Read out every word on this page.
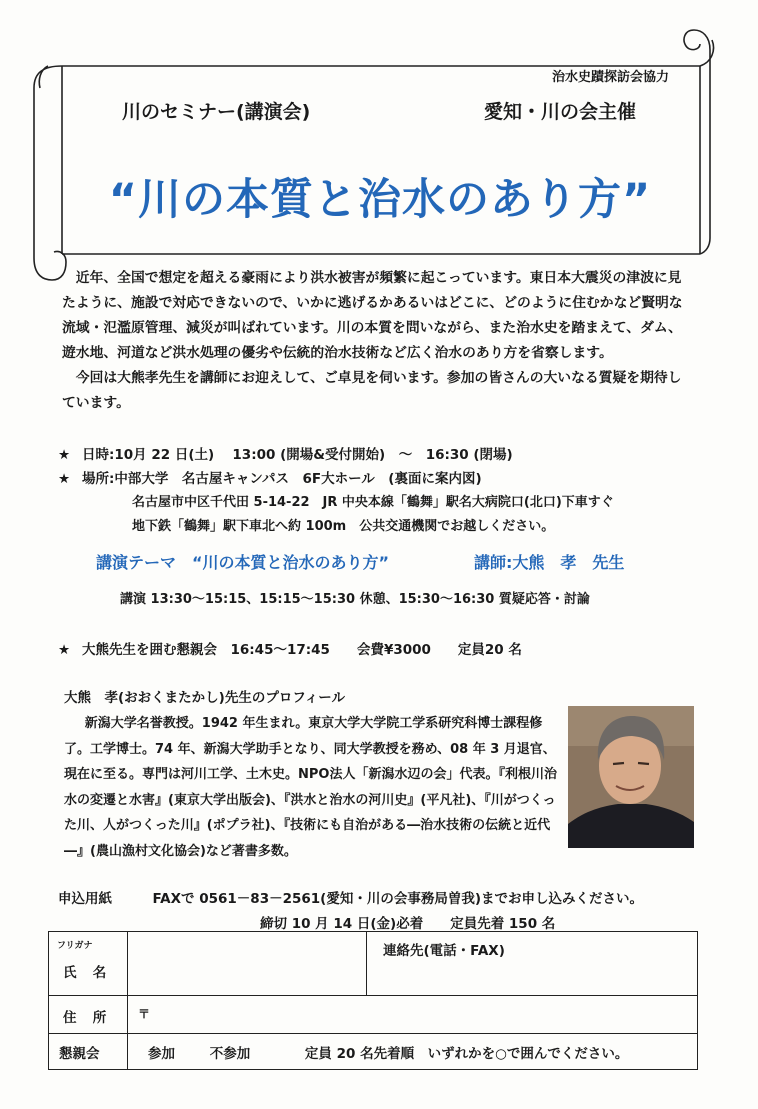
治水史蹟探訪会協力
川のセミナー(講演会)	愛知・川の会主催
“川の本質と治水のあり方”

近年、全国で想定を超える豪雨により洪水被害が頻繁に起こっています。東日本大震災の津波に見たように、施設で対応できないので、いかに逃げるかあるいはどこに、どのように住むかなど賢明な流域・氾濫原管理、減災が叫ばれています。川の本質を問いながら、また治水史を踏まえて、ダム、遊水地、河道など洪水処理の優劣や伝統的治水技術など広く治水のあり方を省察します。

今回は大熊孝先生を講師にお迎えして、ご卓見を伺います。参加の皆さんの大いなる質疑を期待しています。

★ 日時:10月 22 日(土)　 13:00 (開場&受付開始)　～　16:30 (閉場)
★ 場所:中部大学　名古屋キャンパス　6F大ホール　(裏面に案内図)
名古屋市中区千代田 5-14-22　JR 中央本線「鶴舞」駅名大病院口(北口)下車すぐ
地下鉄「鶴舞」駅下車北へ約 100m　公共交通機関でお越しください。
講演テーマ　“川の本質と治水のあり方”	講師:大熊　孝　先生
講演 13:30～15:15、15:15～15:30 休憩、15:30～16:30 質疑応答・討論
★ 大熊先生を囲む懇親会　16:45～17:45　　会費¥3000　　定員20 名
大熊　孝(おおくまたかし)先生のプロフィール
新潟大学名誉教授。1942 年生まれ。東京大学大学院工学系研究科博士課程修了。工学博士。74 年、新潟大学助手となり、同大学教授を務め、08 年 3 月退官、現在に至る。専門は河川工学、土木史。NPO法人「新潟水辺の会」代表。『利根川治水の変遷と水害』(東京大学出版会)、『洪水と治水の河川史』(平凡社)、『川がつくった川、人がつくった川』(ポプラ社)、『技術にも自治がある―治水技術の伝統と近代―』(農山漁村文化協会)など著書多数。
申込用紙　　　FAXで 0561－83－2561(愛知・川の会事務局曽我)までお申し込みください。
締切 10 月 14 日(金)必着　　定員先着 150 名
フリガナ
氏名		連絡先(電話・FAX)

住所	〒	

懇親会	参加 不参加 定員 20 名先着順　いずれかを○で囲んでください。	
